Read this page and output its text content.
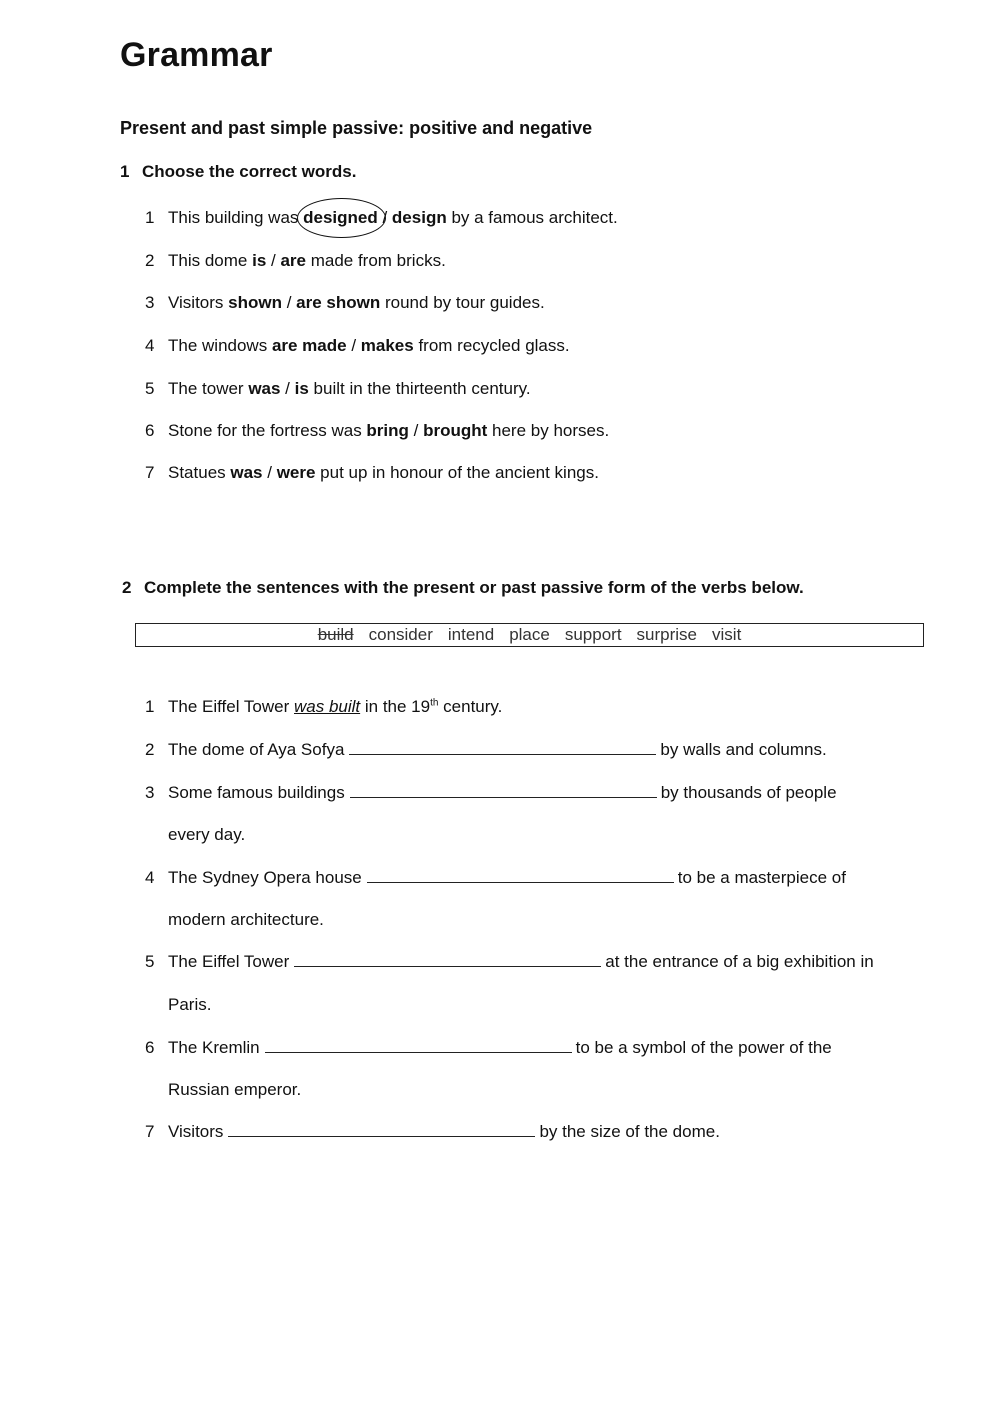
Grammar

Present and past simple passive: positive and negative

1 Choose the correct words.

1 This building was designed / design by a famous architect.
2 This dome is / are made from bricks.
3 Visitors shown / are shown round by tour guides.
4 The windows are made / makes from recycled glass.
5 The tower was / is built in the thirteenth century.
6 Stone for the fortress was bring / brought here by horses.
7 Statues was / were put up in honour of the ancient kings.

2 Complete the sentences with the present or past passive form of the verbs below.

build consider intend place support surprise visit
1 The Eiffel Tower was built in the 19th century.
2 The dome of Aya Sofya	by walls and columns.
3 Some famous buildings	by thousands of people
every day.
4 The Sydney Opera house	to be a masterpiece of
modern architecture.
5 The Eiffel Tower	at the entrance of a big exhibition in
Paris.
6 The Kremlin	to be a symbol of the power of the
Russian emperor.
7 Visitors	by the size of the dome.
